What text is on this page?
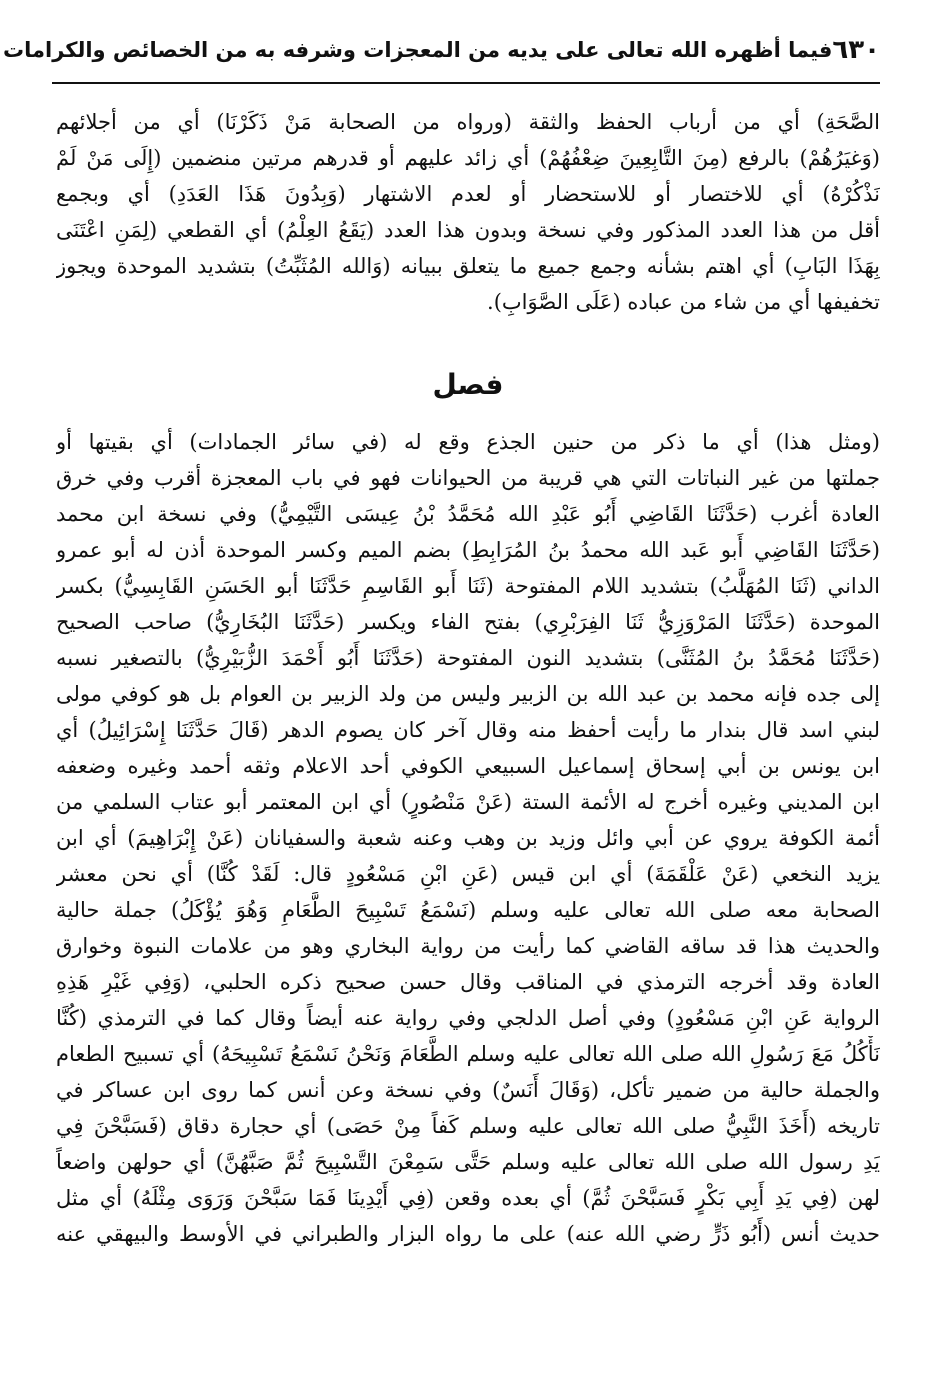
٦٣٠
فيما أظهره الله تعالى على يديه من المعجزات وشرفه به من الخصائص والكرامات
الصَّحَةِ) أي من أرباب الحفظ والثقة (ورواه من الصحابة مَنْ ذَكَرْنَا) أي من أجلائهم
(وَغيَرُهُمْ) بالرفع (مِنَ التَّابِعِينَ ضِعْفُهُمْ) أي زائد عليهم أو قدرهم مرتين منضمين (إِلَى مَنْ لَمْ
نَذْكُرْهُ) أي للاختصار أو للاستحضار أو لعدم الاشتهار (وَبِدُونَ هَذَا العَدَدِ) أي وبجمع
أقل من هذا العدد المذكور وفي نسخة وبدون هذا العدد (يَقَعُ العِلْمُ) أي القطعي (لِمَنِ اعْتَنَى
بِهَذَا البَابِ) أي اهتم بشأنه وجمع جميع ما يتعلق ببيانه (وَالله المُثَبِّتُ) بتشديد الموحدة ويجوز
تخفيفها أي من شاء من عباده (عَلَى الصَّوَابِ).
فصل
(ومثل هذا) أي ما ذكر من حنين الجذع وقع له (في سائر الجمادات) أي بقيتها أو
جملتها من غير النباتات التي هي قريبة من الحيوانات فهو في باب المعجزة أقرب وفي خرق
العادة أغرب (حَدَّثَنَا القَاضِي أَبُو عَبْدِ الله مُحَمَّدُ بْنُ عِيسَى التَّيْمِيُّ) وفي نسخة ابن محمد
(حَدَّثَنَا القَاضِي أَبو عَبد الله محمدُ بنُ المُرَابِطِ) بضم الميم وكسر الموحدة أذن له أبو عمرو
الداني (ثَنَا المُهَلَّبُ) بتشديد اللام المفتوحة (ثَنَا أَبو القَاسِمِ حَدَّثَنَا أبو الحَسَنِ القَابِسِيُّ) بكسر
الموحدة (حَدَّثَنَا المَرْوَزِيُّ ثَنَا الفِرَبْرِي) بفتح الفاء ويكسر (حَدَّثَنَا البُخَارِيُّ) صاحب الصحيح
(حَدَّثَنَا مُحَمَّدُ بنُ المُثَنَّى) بتشديد النون المفتوحة (حَدَّثَنَا أَبُو أَحْمَدَ الزُّبَيْرِيُّ) بالتصغير نسبه
إلى جده فإنه محمد بن عبد الله بن الزبير وليس من ولد الزبير بن العوام بل هو كوفي مولى
لبني اسد قال بندار ما رأيت أحفظ منه وقال آخر كان يصوم الدهر (قَالَ حَدَّثَنَا إِسْرَائِيلُ) أي
ابن يونس بن أبي إسحاق إسماعيل السبيعي الكوفي أحد الاعلام وثقه أحمد وغيره وضعفه
ابن المديني وغيره أخرج له الأئمة الستة (عَنْ مَنْصُورٍ) أي ابن المعتمر أبو عتاب السلمي من
أئمة الكوفة يروي عن أبي وائل وزيد بن وهب وعنه شعبة والسفيانان (عَنْ إِبْرَاهِيمَ) أي ابن
يزيد النخعي (عَنْ عَلْقَمَةَ) أي ابن قيس (عَنِ ابْنِ مَسْعُودٍ قال: لَقَدْ كُنَّا) أي نحن معشر
الصحابة معه صلى الله تعالى عليه وسلم (نَسْمَعُ تَسْبِيحَ الطَّعَامِ وَهُوَ يُؤْكَلُ) جملة حالية
والحديث هذا قد ساقه القاضي كما رأيت من رواية البخاري وهو من علامات النبوة وخوارق
العادة وقد أخرجه الترمذي في المناقب وقال حسن صحيح ذكره الحلبي، (وَفِي غَيْرِ هَذِهِ
الرواية عَنِ ابْنِ مَسْعُودٍ) وفي أصل الدلجي وفي رواية عنه أيضاً وقال كما في الترمذي (كُنَّا
نَأْكُلُ مَعَ رَسُولِ الله صلى الله تعالى عليه وسلم الطَّعَامَ وَنَحْنُ نَسْمَعُ تَسْبِيحَهُ) أي تسبيح الطعام
والجملة حالية من ضمير تأكل، (وَقَالَ أَنَسٌ) وفي نسخة وعن أنس كما روى ابن عساكر في
تاريخه (أَخَذَ النَّبِيُّ صلى الله تعالى عليه وسلم كَفاً مِنْ حَصَى) أي حجارة دقاق (فَسَبَّحْنَ فِي
يَدِ رسول الله صلى الله تعالى عليه وسلم حَتَّى سَمِعْنَ التَّسْبِيحَ ثُمَّ صَبَّهُنَّ) أي حولهن واضعاً
لهن (فِي يَدِ أَبِي بَكْرٍ فَسَبَّحْنَ ثُمَّ) أي بعده وقعن (فِي أَيْدِينَا فَمَا سَبَّحْنَ وَرَوَى مِثْلَهُ) أي مثل
حديث أنس (أَبُو ذَرٍّ رضي الله عنه) على ما رواه البزار والطبراني في الأوسط والبيهقي عنه
